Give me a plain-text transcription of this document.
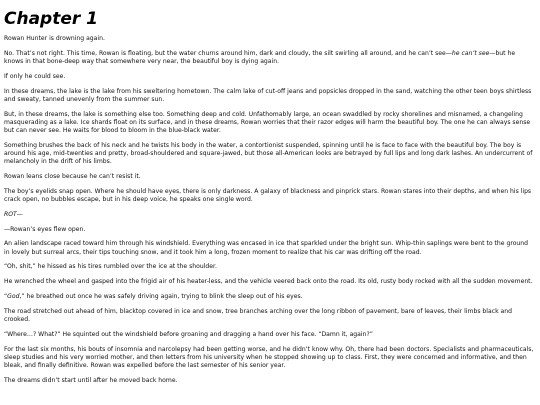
Chapter 1

Rowan Hunter is drowning again.

No. That’s not right. This time, Rowan is floating, but the water churns around him, dark and cloudy, the silt swirling all around, and he can’t see—he can’t see—but he knows in that bone-deep way that somewhere very near, the beautiful boy is dying again.

If only he could see.

In these dreams, the lake is the lake from his sweltering hometown. The calm lake of cut-off jeans and popsicles dropped in the sand, watching the other teen boys shirtless and sweaty, tanned unevenly from the summer sun.

But, in these dreams, the lake is something else too. Something deep and cold. Unfathomably large, an ocean swaddled by rocky shorelines and misnamed, a changeling masquerading as a lake. Ice shards float on its surface, and in these dreams, Rowan worries that their razor edges will harm the beautiful boy. The one he can always sense but can never see. He waits for blood to bloom in the blue-black water.

Something brushes the back of his neck and he twists his body in the water, a contortionist suspended, spinning until he is face to face with the beautiful boy. The boy is around his age, mid-twenties and pretty, broad-shouldered and square-jawed, but those all-American looks are betrayed by full lips and long dark lashes. An undercurrent of melancholy in the drift of his limbs.

Rowan leans close because he can’t resist it.

The boy’s eyelids snap open. Where he should have eyes, there is only darkness. A galaxy of blackness and pinprick stars. Rowan stares into their depths, and when his lips crack open, no bubbles escape, but in his deep voice, he speaks one single word.

ROT—

—Rowan’s eyes flew open.

An alien landscape raced toward him through his windshield. Everything was encased in ice that sparkled under the bright sun. Whip-thin saplings were bent to the ground in lovely but surreal arcs, their tips touching snow, and it took him a long, frozen moment to realize that his car was drifting off the road.

“Oh, shit,” he hissed as his tires rumbled over the ice at the shoulder.

He wrenched the wheel and gasped into the frigid air of his heater-less, and the vehicle veered back onto the road. Its old, rusty body rocked with all the sudden movement.

“God,” he breathed out once he was safely driving again, trying to blink the sleep out of his eyes.

The road stretched out ahead of him, blacktop covered in ice and snow, tree branches arching over the long ribbon of pavement, bare of leaves, their limbs black and crooked.

“Where…? What?” He squinted out the windshield before groaning and dragging a hand over his face. “Damn it, again?”

For the last six months, his bouts of insomnia and narcolepsy had been getting worse, and he didn’t know why. Oh, there had been doctors. Specialists and pharmaceuticals, sleep studies and his very worried mother, and then letters from his university when he stopped showing up to class. First, they were concerned and informative, and then bleak, and finally definitive. Rowan was expelled before the last semester of his senior year.

The dreams didn’t start until after he moved back home.
